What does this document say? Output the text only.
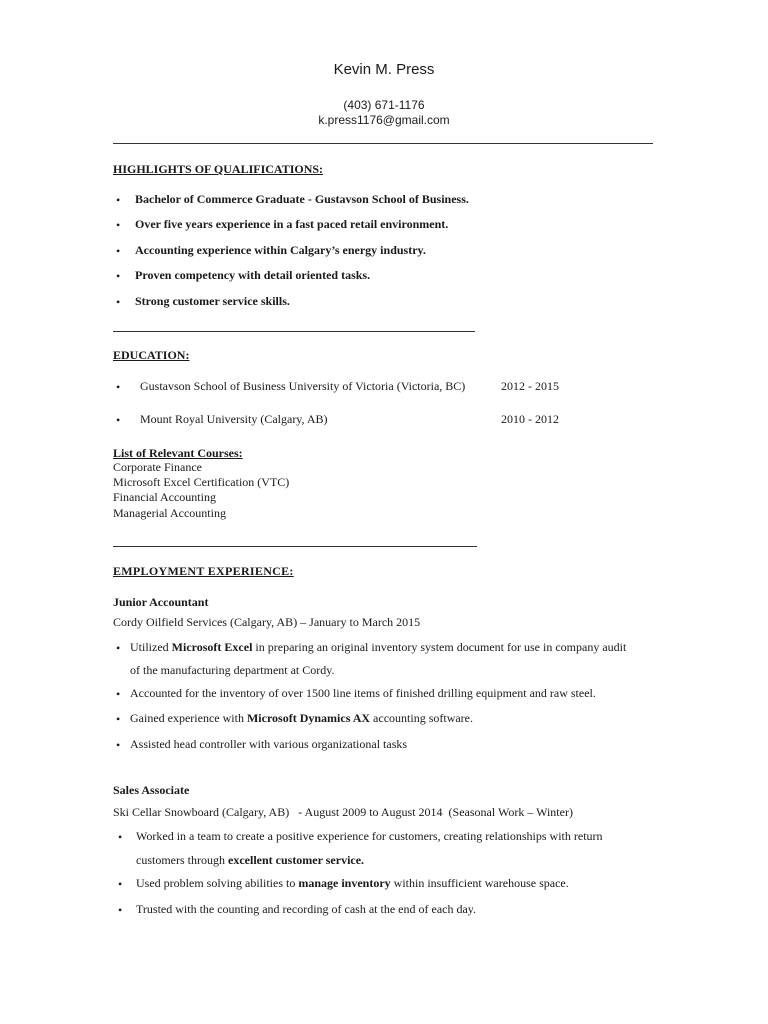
Kevin M. Press
(403) 671-1176
k.press1176@gmail.com
HIGHLIGHTS OF QUALIFICATIONS:
• Bachelor of Commerce Graduate - Gustavson School of Business.
• Over five years experience in a fast paced retail environment.
• Accounting experience within Calgary’s energy industry.
• Proven competency with detail oriented tasks.
• Strong customer service skills.
EDUCATION:
• Gustavson School of Business University of Victoria (Victoria, BC)	2012 - 2015
• Mount Royal University (Calgary, AB)	2010 - 2012
List of Relevant Courses:
Corporate Finance
Microsoft Excel Certification (VTC)
Financial Accounting
Managerial Accounting
EMPLOYMENT EXPERIENCE:
Junior Accountant
Cordy Oilfield Services (Calgary, AB) – January to March 2015
• Utilized Microsoft Excel in preparing an original inventory system document for use in company audit
of the manufacturing department at Cordy.
• Accounted for the inventory of over 1500 line items of finished drilling equipment and raw steel.
• Gained experience with Microsoft Dynamics AX accounting software.
• Assisted head controller with various organizational tasks
Sales Associate
Ski Cellar Snowboard (Calgary, AB)   - August 2009 to August 2014  (Seasonal Work – Winter)
• Worked in a team to create a positive experience for customers, creating relationships with return
customers through excellent customer service.
• Used problem solving abilities to manage inventory within insufficient warehouse space.
• Trusted with the counting and recording of cash at the end of each day.
